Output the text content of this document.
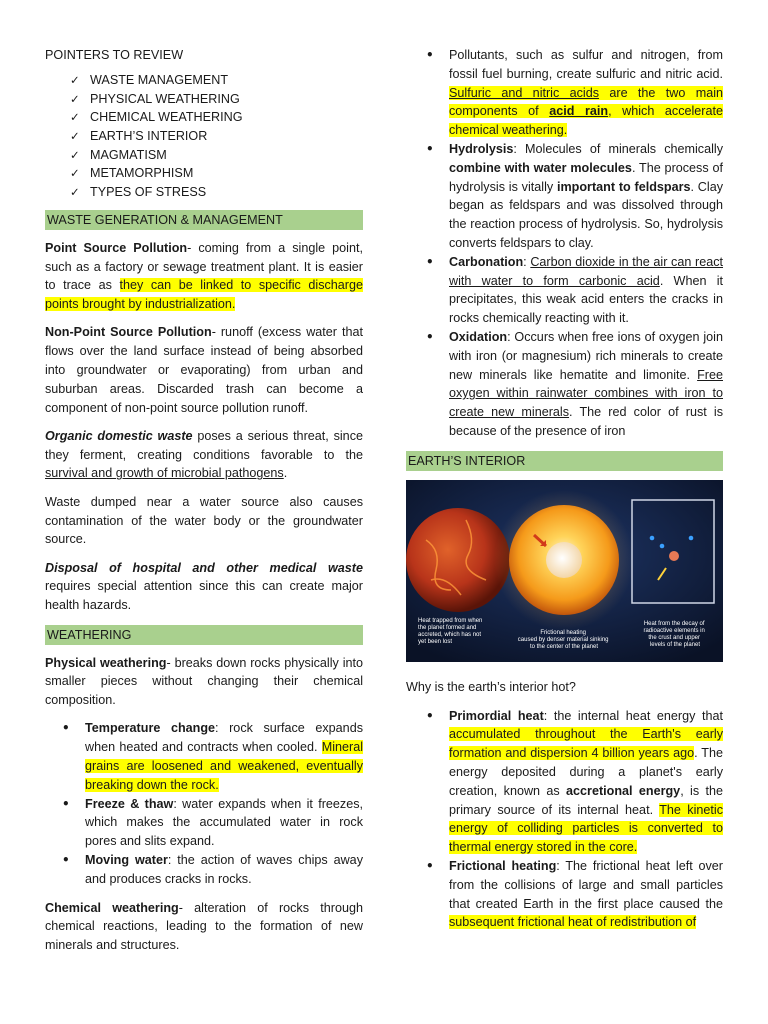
POINTERS TO REVIEW
✓ WASTE MANAGEMENT
✓ PHYSICAL WEATHERING
✓ CHEMICAL WEATHERING
✓ EARTH’S INTERIOR
✓ MAGMATISM
✓ METAMORPHISM
✓ TYPES OF STRESS
WASTE GENERATION & MANAGEMENT

Point Source Pollution- coming from a single point, such as a factory or sewage treatment plant. It is easier to trace as they can be linked to specific discharge points brought by industrialization.

Non-Point Source Pollution- runoff (excess water that flows over the land surface instead of being absorbed into groundwater or evaporating) from urban and suburban areas. Discarded trash can become a component of non-point source pollution runoff.

Organic domestic waste poses a serious threat, since they ferment, creating conditions favorable to the survival and growth of microbial pathogens.

Waste dumped near a water source also causes contamination of the water body or the groundwater source.

Disposal of hospital and other medical waste requires special attention since this can create major health hazards.

WEATHERING

Physical weathering- breaks down rocks physically into smaller pieces without changing their chemical composition.

•	Temperature change: rock surface expands when heated and contracts when cooled. Mineral grains are loosened and weakened, eventually breaking down the rock.
•	Freeze & thaw: water expands when it freezes, which makes the accumulated water in rock pores and slits expand.
•	Moving water: the action of waves chips away and produces cracks in rocks.

Chemical weathering- alteration of rocks through chemical reactions, leading to the formation of new minerals and structures.

•	Pollutants, such as sulfur and nitrogen, from fossil fuel burning, create sulfuric and nitric acid. Sulfuric and nitric acids are the two main components of acid rain, which accelerate chemical weathering.
•	Hydrolysis: Molecules of minerals chemically combine with water molecules. The process of hydrolysis is vitally important to feldspars. Clay began as feldspars and was dissolved through the reaction process of hydrolysis. So, hydrolysis converts feldspars to clay.
•	Carbonation: Carbon dioxide in the air can react with water to form carbonic acid. When it precipitates, this weak acid enters the cracks in rocks chemically reacting with it.
•	Oxidation: Occurs when free ions of oxygen join with iron (or magnesium) rich minerals to create new minerals like hematite and limonite. Free oxygen within rainwater combines with iron to create new minerals. The red color of rust is because of the presence of iron
EARTH’S INTERIOR
Heat trapped from when the planet formed and accreted, which has not yet been lost
Frictional heating caused by denser material sinking to the center of the planet
Heat from the decay of radioactive elements in the crust and upper levels of the planet
Why is the earth’s interior hot?
•	Primordial heat: the internal heat energy that accumulated throughout the Earth's early formation and dispersion 4 billion years ago. The energy deposited during a planet's early creation, known as accretional energy, is the primary source of its internal heat. The kinetic energy of colliding particles is converted to thermal energy stored in the core.
•	Frictional heating: The frictional heat left over from the collisions of large and small particles that created Earth in the first place caused the subsequent frictional heat of redistribution of
